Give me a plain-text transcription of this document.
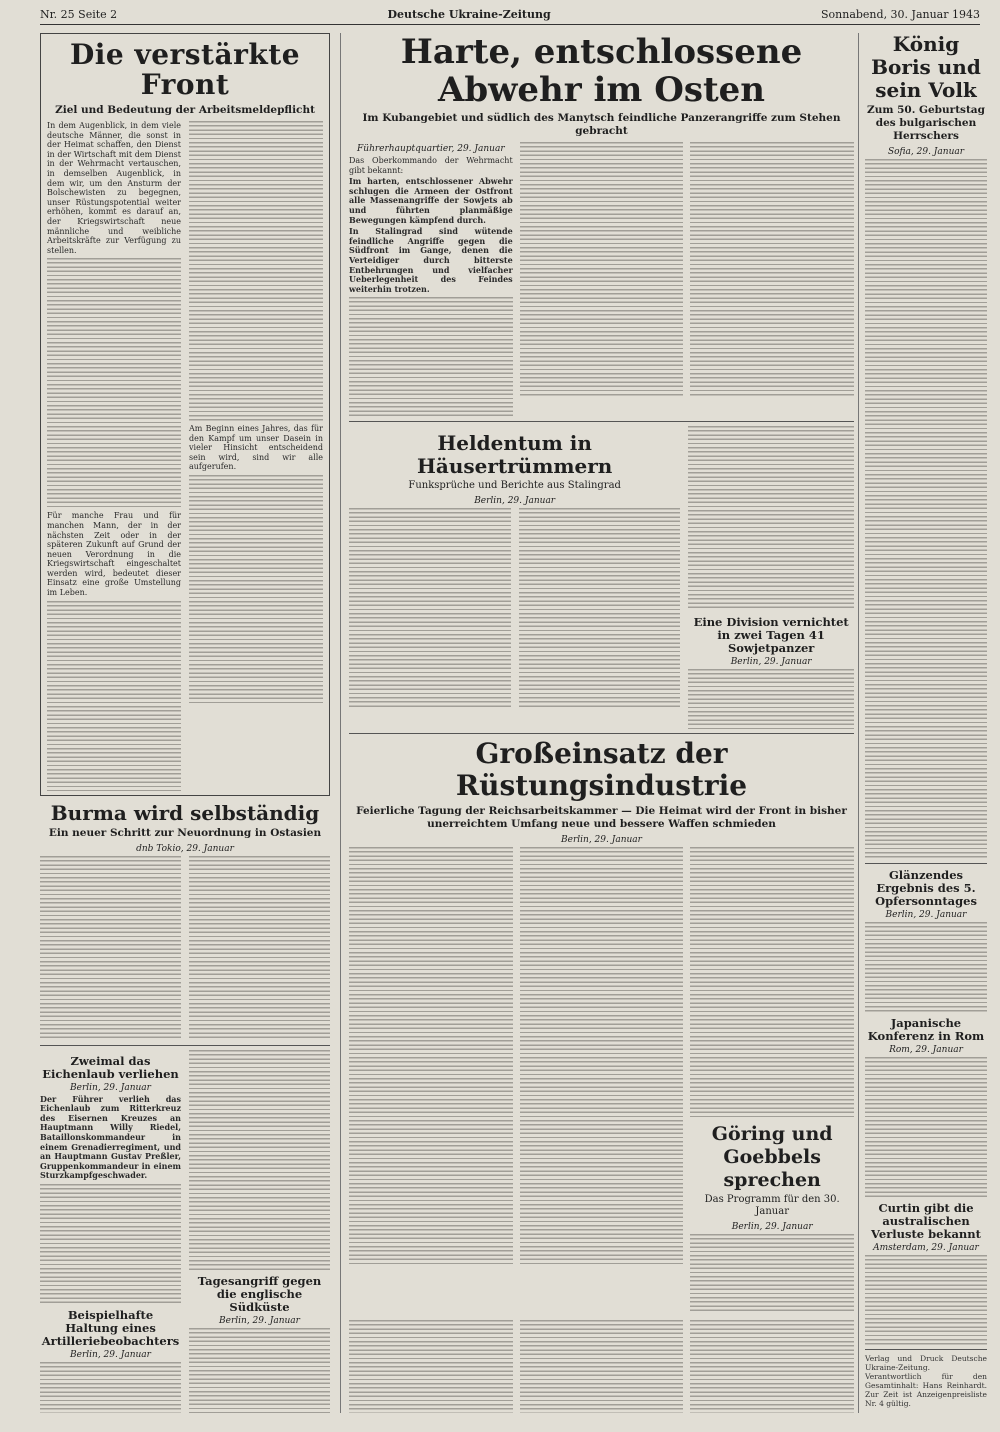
Nr. 25 Seite 2	Deutsche Ukraine-Zeitung	Sonnabend, 30. Januar 1943
Die verstärkte Front
Ziel und Bedeutung der Arbeitsmeldepflicht
In dem Augenblick, in dem viele deutsche Männer, die sonst in der Heimat schaffen, den Dienst in der Wirtschaft mit dem Dienst in der Wehrmacht vertauschen, in demselben Augenblick, in dem wir, um den Ansturm der Bolschewisten zu begegnen, unser Rüstungspotential weiter erhöhen, kommt es darauf an, der Kriegswirtschaft neue männliche und weibliche Arbeitskräfte zur Verfügung zu stellen.
Für manche Frau und für manchen Mann, der in der nächsten Zeit oder in der späteren Zukunft auf Grund der neuen Verordnung in die Kriegswirtschaft eingeschaltet werden wird, bedeutet dieser Einsatz eine große Umstellung im Leben.
Am Beginn eines Jahres, das für den Kampf um unser Dasein in vieler Hinsicht entscheidend sein wird, sind wir alle aufgerufen.
Burma wird selbständig
Ein neuer Schritt zur Neuordnung in Ostasien
dnb Tokio, 29. Januar
Zweimal das Eichenlaub verliehen
Berlin, 29. Januar
Der Führer verlieh das Eichenlaub zum Ritterkreuz des Eisernen Kreuzes an Hauptmann Willy Riedel, Bataillonskommandeur in einem Grenadierregiment, und an Hauptmann Gustav Preßler, Gruppenkommandeur in einem Sturzkampfgeschwader.
Beispielhafte Haltung eines Artilleriebeobachters
Berlin, 29. Januar
Tagesangriff gegen die englische Südküste
Berlin, 29. Januar
Harte, entschlossene Abwehr im Osten
Im Kubangebiet und südlich des Manytsch feindliche Panzerangriffe zum Stehen gebracht
Führerhauptquartier, 29. Januar
Das Oberkommando der Wehrmacht gibt bekannt:
Im harten, entschlossener Abwehr schlugen die Armeen der Ostfront alle Massenangriffe der Sowjets ab und führten planmäßige Bewegungen kämpfend durch.
In Stalingrad sind wütende feindliche Angriffe gegen die Südfront im Gange, denen die Verteidiger durch bitterste Entbehrungen und vielfacher Ueberlegenheit des Feindes weiterhin trotzen.
Heldentum in Häusertrümmern
Funksprüche und Berichte aus Stalingrad
Berlin, 29. Januar
Eine Division vernichtet in zwei Tagen 41 Sowjetpanzer
Berlin, 29. Januar
Großeinsatz der Rüstungsindustrie
Feierliche Tagung der Reichsarbeitskammer — Die Heimat wird der Front in bisher unerreichtem Umfang neue und bessere Waffen schmieden
Berlin, 29. Januar
Göring und Goebbels sprechen
Das Programm für den 30. Januar
Berlin, 29. Januar
König Boris und sein Volk
Zum 50. Geburtstag des bulgarischen Herrschers
Sofia, 29. Januar
Glänzendes Ergebnis des 5. Opfersonntages
Berlin, 29. Januar
Japanische Konferenz in Rom
Rom, 29. Januar
Curtin gibt die australischen Verluste bekannt
Amsterdam, 29. Januar
Verlag und Druck Deutsche Ukraine-Zeitung. Verantwortlich für den Gesamtinhalt: Hans Reinhardt. Zur Zeit ist Anzeigenpreisliste Nr. 4 gültig.
